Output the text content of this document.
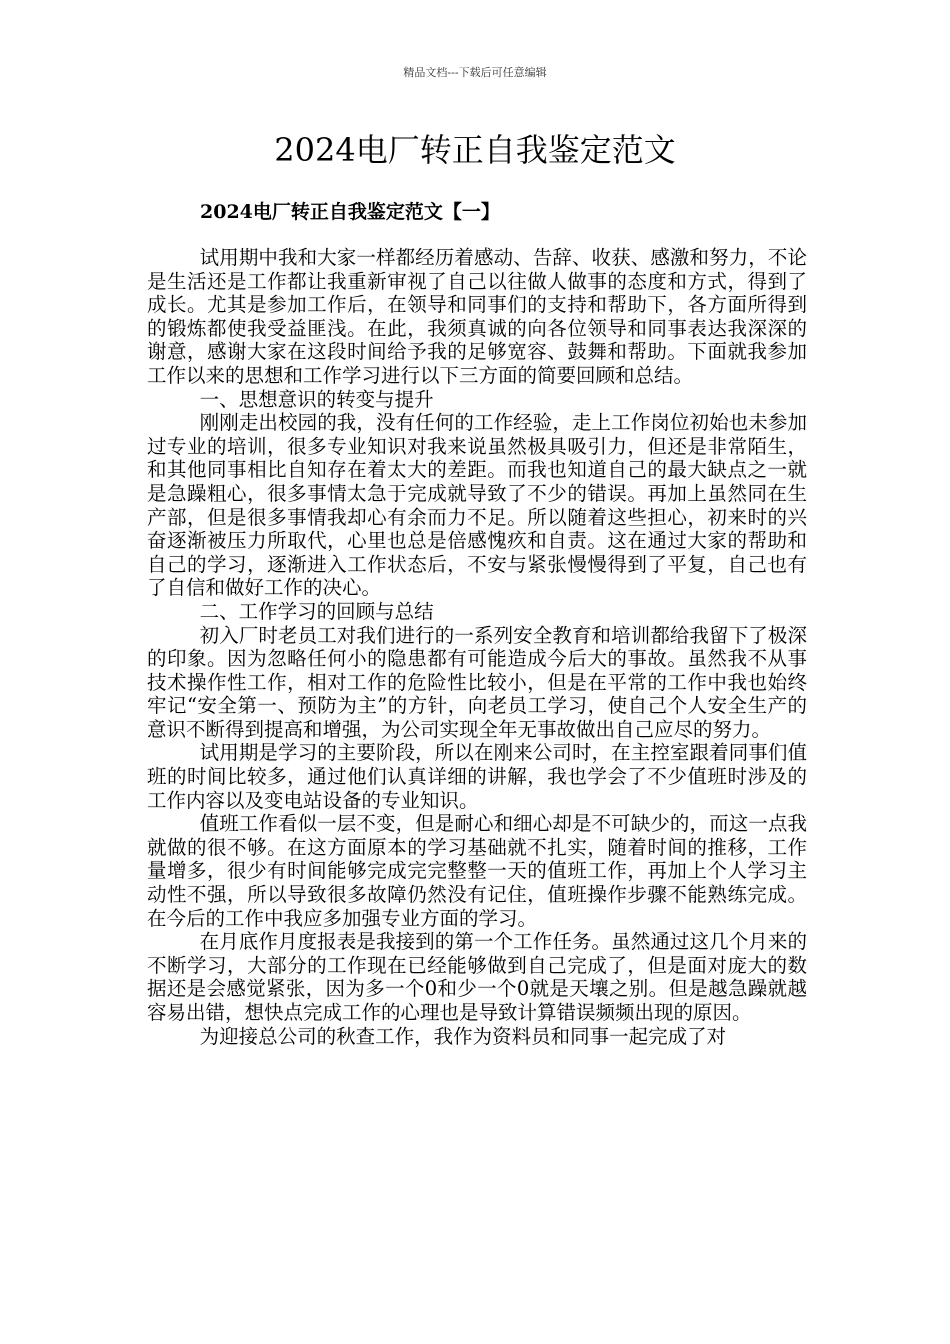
精品文档---下载后可任意编辑
2024电厂转正自我鉴定范文
2024电厂转正自我鉴定范文【一】

试用期中我和大家一样都经历着感动、告辞、收获、感激和努力，不论是生活还是工作都让我重新审视了自己以往做人做事的态度和方式，得到了成长。尤其是参加工作后，在领导和同事们的支持和帮助下，各方面所得到的锻炼都使我受益匪浅。在此，我须真诚的向各位领导和同事表达我深深的谢意，感谢大家在这段时间给予我的足够宽容、鼓舞和帮助。下面就我参加工作以来的思想和工作学习进行以下三方面的简要回顾和总结。

一、思想意识的转变与提升

刚刚走出校园的我，没有任何的工作经验，走上工作岗位初始也未参加过专业的培训，很多专业知识对我来说虽然极具吸引力，但还是非常陌生，和其他同事相比自知存在着太大的差距。而我也知道自己的最大缺点之一就是急躁粗心，很多事情太急于完成就导致了不少的错误。再加上虽然同在生产部，但是很多事情我却心有余而力不足。所以随着这些担心，初来时的兴奋逐渐被压力所取代，心里也总是倍感愧疚和自责。这在通过大家的帮助和自己的学习，逐渐进入工作状态后，不安与紧张慢慢得到了平复，自己也有了自信和做好工作的决心。

二、工作学习的回顾与总结

初入厂时老员工对我们进行的一系列安全教育和培训都给我留下了极深的印象。因为忽略任何小的隐患都有可能造成今后大的事故。虽然我不从事技术操作性工作，相对工作的危险性比较小，但是在平常的工作中我也始终牢记“安全第一、预防为主”的方针，向老员工学习，使自己个人安全生产的意识不断得到提高和增强，为公司实现全年无事故做出自己应尽的努力。

试用期是学习的主要阶段，所以在刚来公司时，在主控室跟着同事们值班的时间比较多，通过他们认真详细的讲解，我也学会了不少值班时涉及的工作内容以及变电站设备的专业知识。

值班工作看似一层不变，但是耐心和细心却是不可缺少的，而这一点我就做的很不够。在这方面原本的学习基础就不扎实，随着时间的推移，工作量增多，很少有时间能够完成完完整整一天的值班工作，再加上个人学习主动性不强，所以导致很多故障仍然没有记住，值班操作步骤不能熟练完成。在今后的工作中我应多加强专业方面的学习。

在月底作月度报表是我接到的第一个工作任务。虽然通过这几个月来的不断学习，大部分的工作现在已经能够做到自己完成了，但是面对庞大的数据还是会感觉紧张，因为多一个0和少一个0就是天壤之别。但是越急躁就越容易出错，想快点完成工作的心理也是导致计算错误频频出现的原因。

为迎接总公司的秋查工作，我作为资料员和同事一起完成了对
